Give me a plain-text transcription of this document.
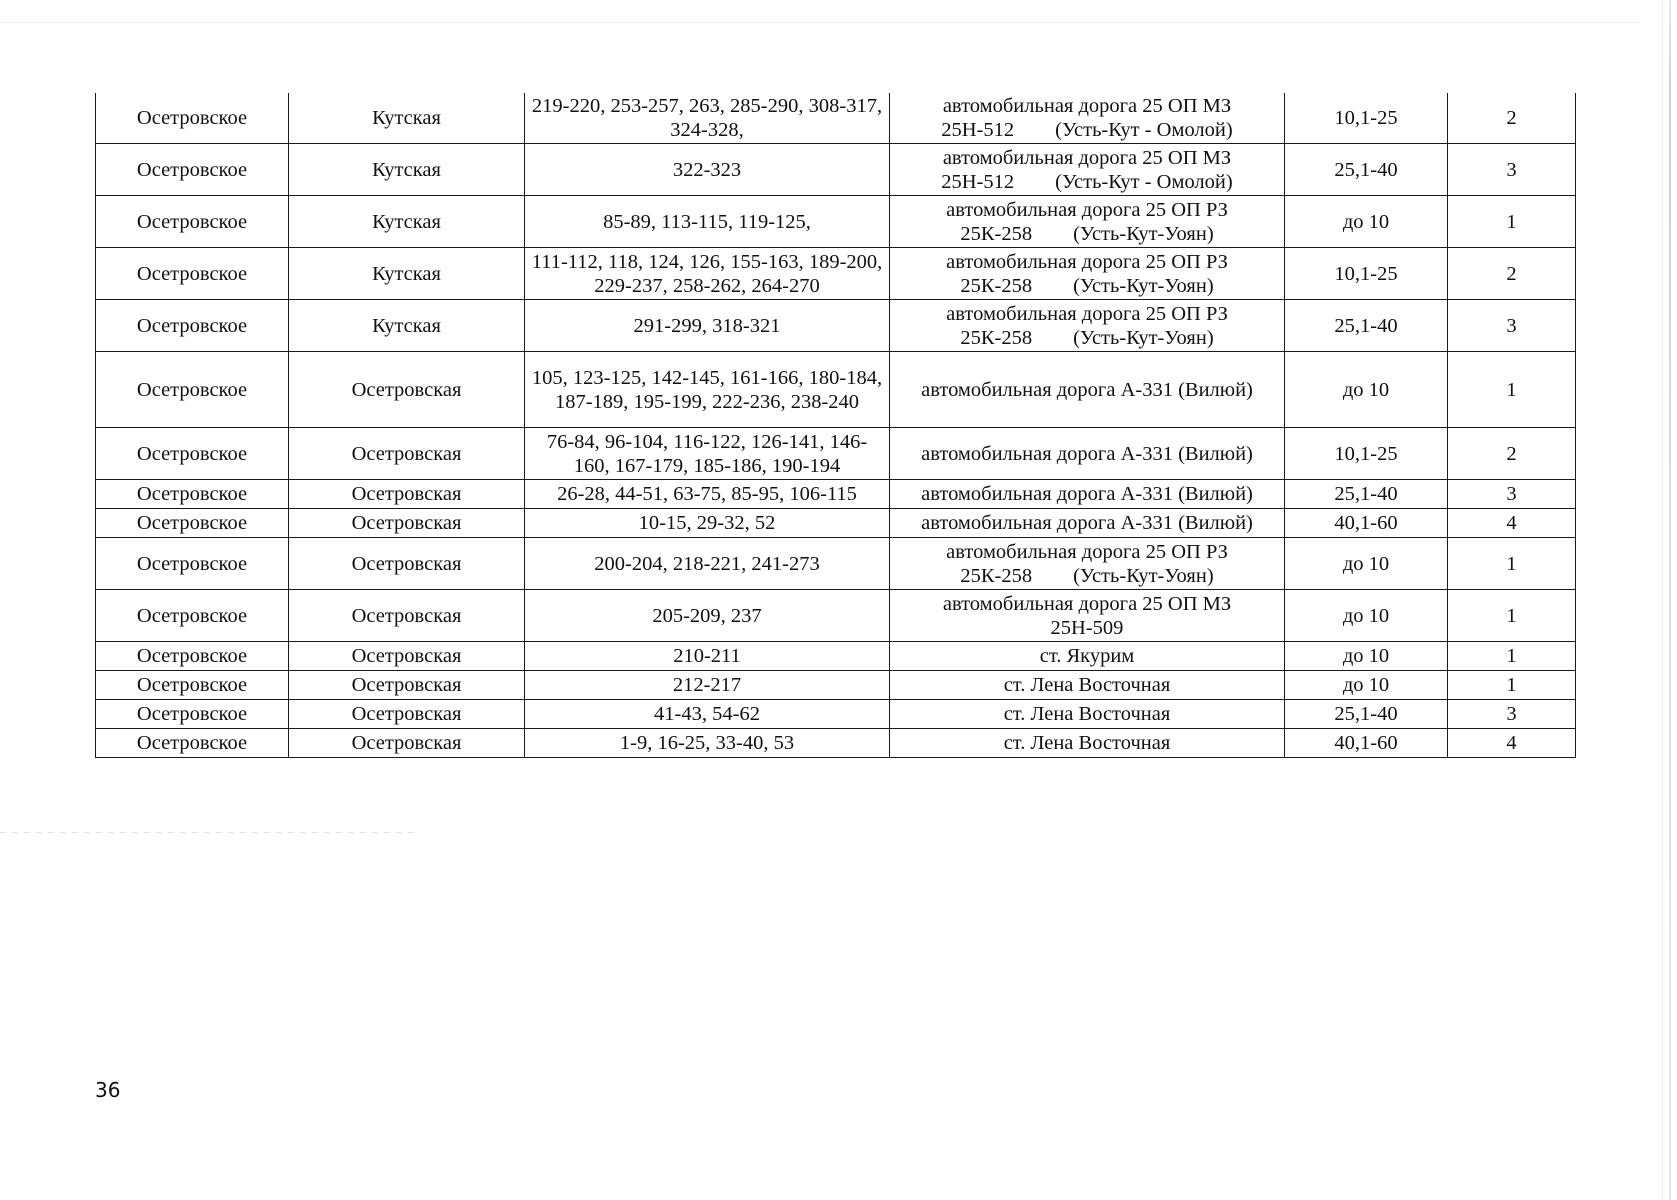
Осетровское	Кутская	219-220, 253-257, 263, 285-290, 308-317, 324-328,	автомобильная дорога 25 ОП МЗ
25Н-512        (Усть-Кут - Омолой)	10,1-25	2
Осетровское	Кутская	322-323	автомобильная дорога 25 ОП МЗ
25Н-512        (Усть-Кут - Омолой)	25,1-40	3
Осетровское	Кутская	85-89, 113-115, 119-125,	автомобильная дорога 25 ОП РЗ
25К-258        (Усть-Кут-Уоян)	до 10	1
Осетровское	Кутская	111-112, 118, 124, 126, 155-163, 189-200, 229-237, 258-262, 264-270	автомобильная дорога 25 ОП РЗ
25К-258        (Усть-Кут-Уоян)	10,1-25	2
Осетровское	Кутская	291-299, 318-321	автомобильная дорога 25 ОП РЗ
25К-258        (Усть-Кут-Уоян)	25,1-40	3
Осетровское	Осетровская	105, 123-125, 142-145, 161-166, 180-184, 187-189, 195-199, 222-236, 238-240	автомобильная дорога А-331 (Вилюй)	до 10	1
Осетровское	Осетровская	76-84, 96-104, 116-122, 126-141, 146-160, 167-179, 185-186, 190-194	автомобильная дорога А-331 (Вилюй)	10,1-25	2
Осетровское	Осетровская	26-28, 44-51, 63-75, 85-95, 106-115	автомобильная дорога А-331 (Вилюй)	25,1-40	3
Осетровское	Осетровская	10-15, 29-32, 52	автомобильная дорога А-331 (Вилюй)	40,1-60	4
Осетровское	Осетровская	200-204, 218-221, 241-273	автомобильная дорога 25 ОП РЗ
25К-258        (Усть-Кут-Уоян)	до 10	1
Осетровское	Осетровская	205-209, 237	автомобильная дорога 25 ОП МЗ
25Н-509	до 10	1
Осетровское	Осетровская	210-211	ст. Якурим	до 10	1
Осетровское	Осетровская	212-217	ст. Лена Восточная	до 10	1
Осетровское	Осетровская	41-43, 54-62	ст. Лена Восточная	25,1-40	3
Осетровское	Осетровская	1-9, 16-25, 33-40, 53	ст. Лена Восточная	40,1-60	4
36
